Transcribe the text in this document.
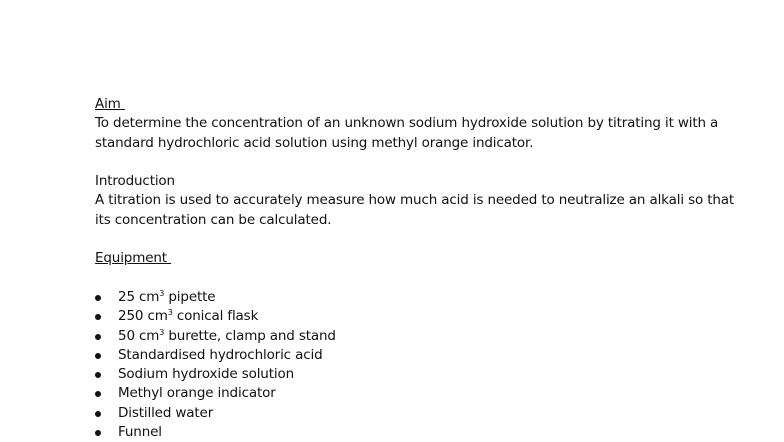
Aim

To determine the concentration of an unknown sodium hydroxide solution by titrating it with a standard hydrochloric acid solution using methyl orange indicator.

Introduction

A titration is used to accurately measure how much acid is needed to neutralize an alkali so that its concentration can be calculated.

Equipment

25 $cm^3$ pipette
250 $cm^3$ conical flask
50 $cm^3$ burette, clamp and stand
Standardised hydrochloric acid
Sodium hydroxide solution
Methyl orange indicator
Distilled water
Funnel
